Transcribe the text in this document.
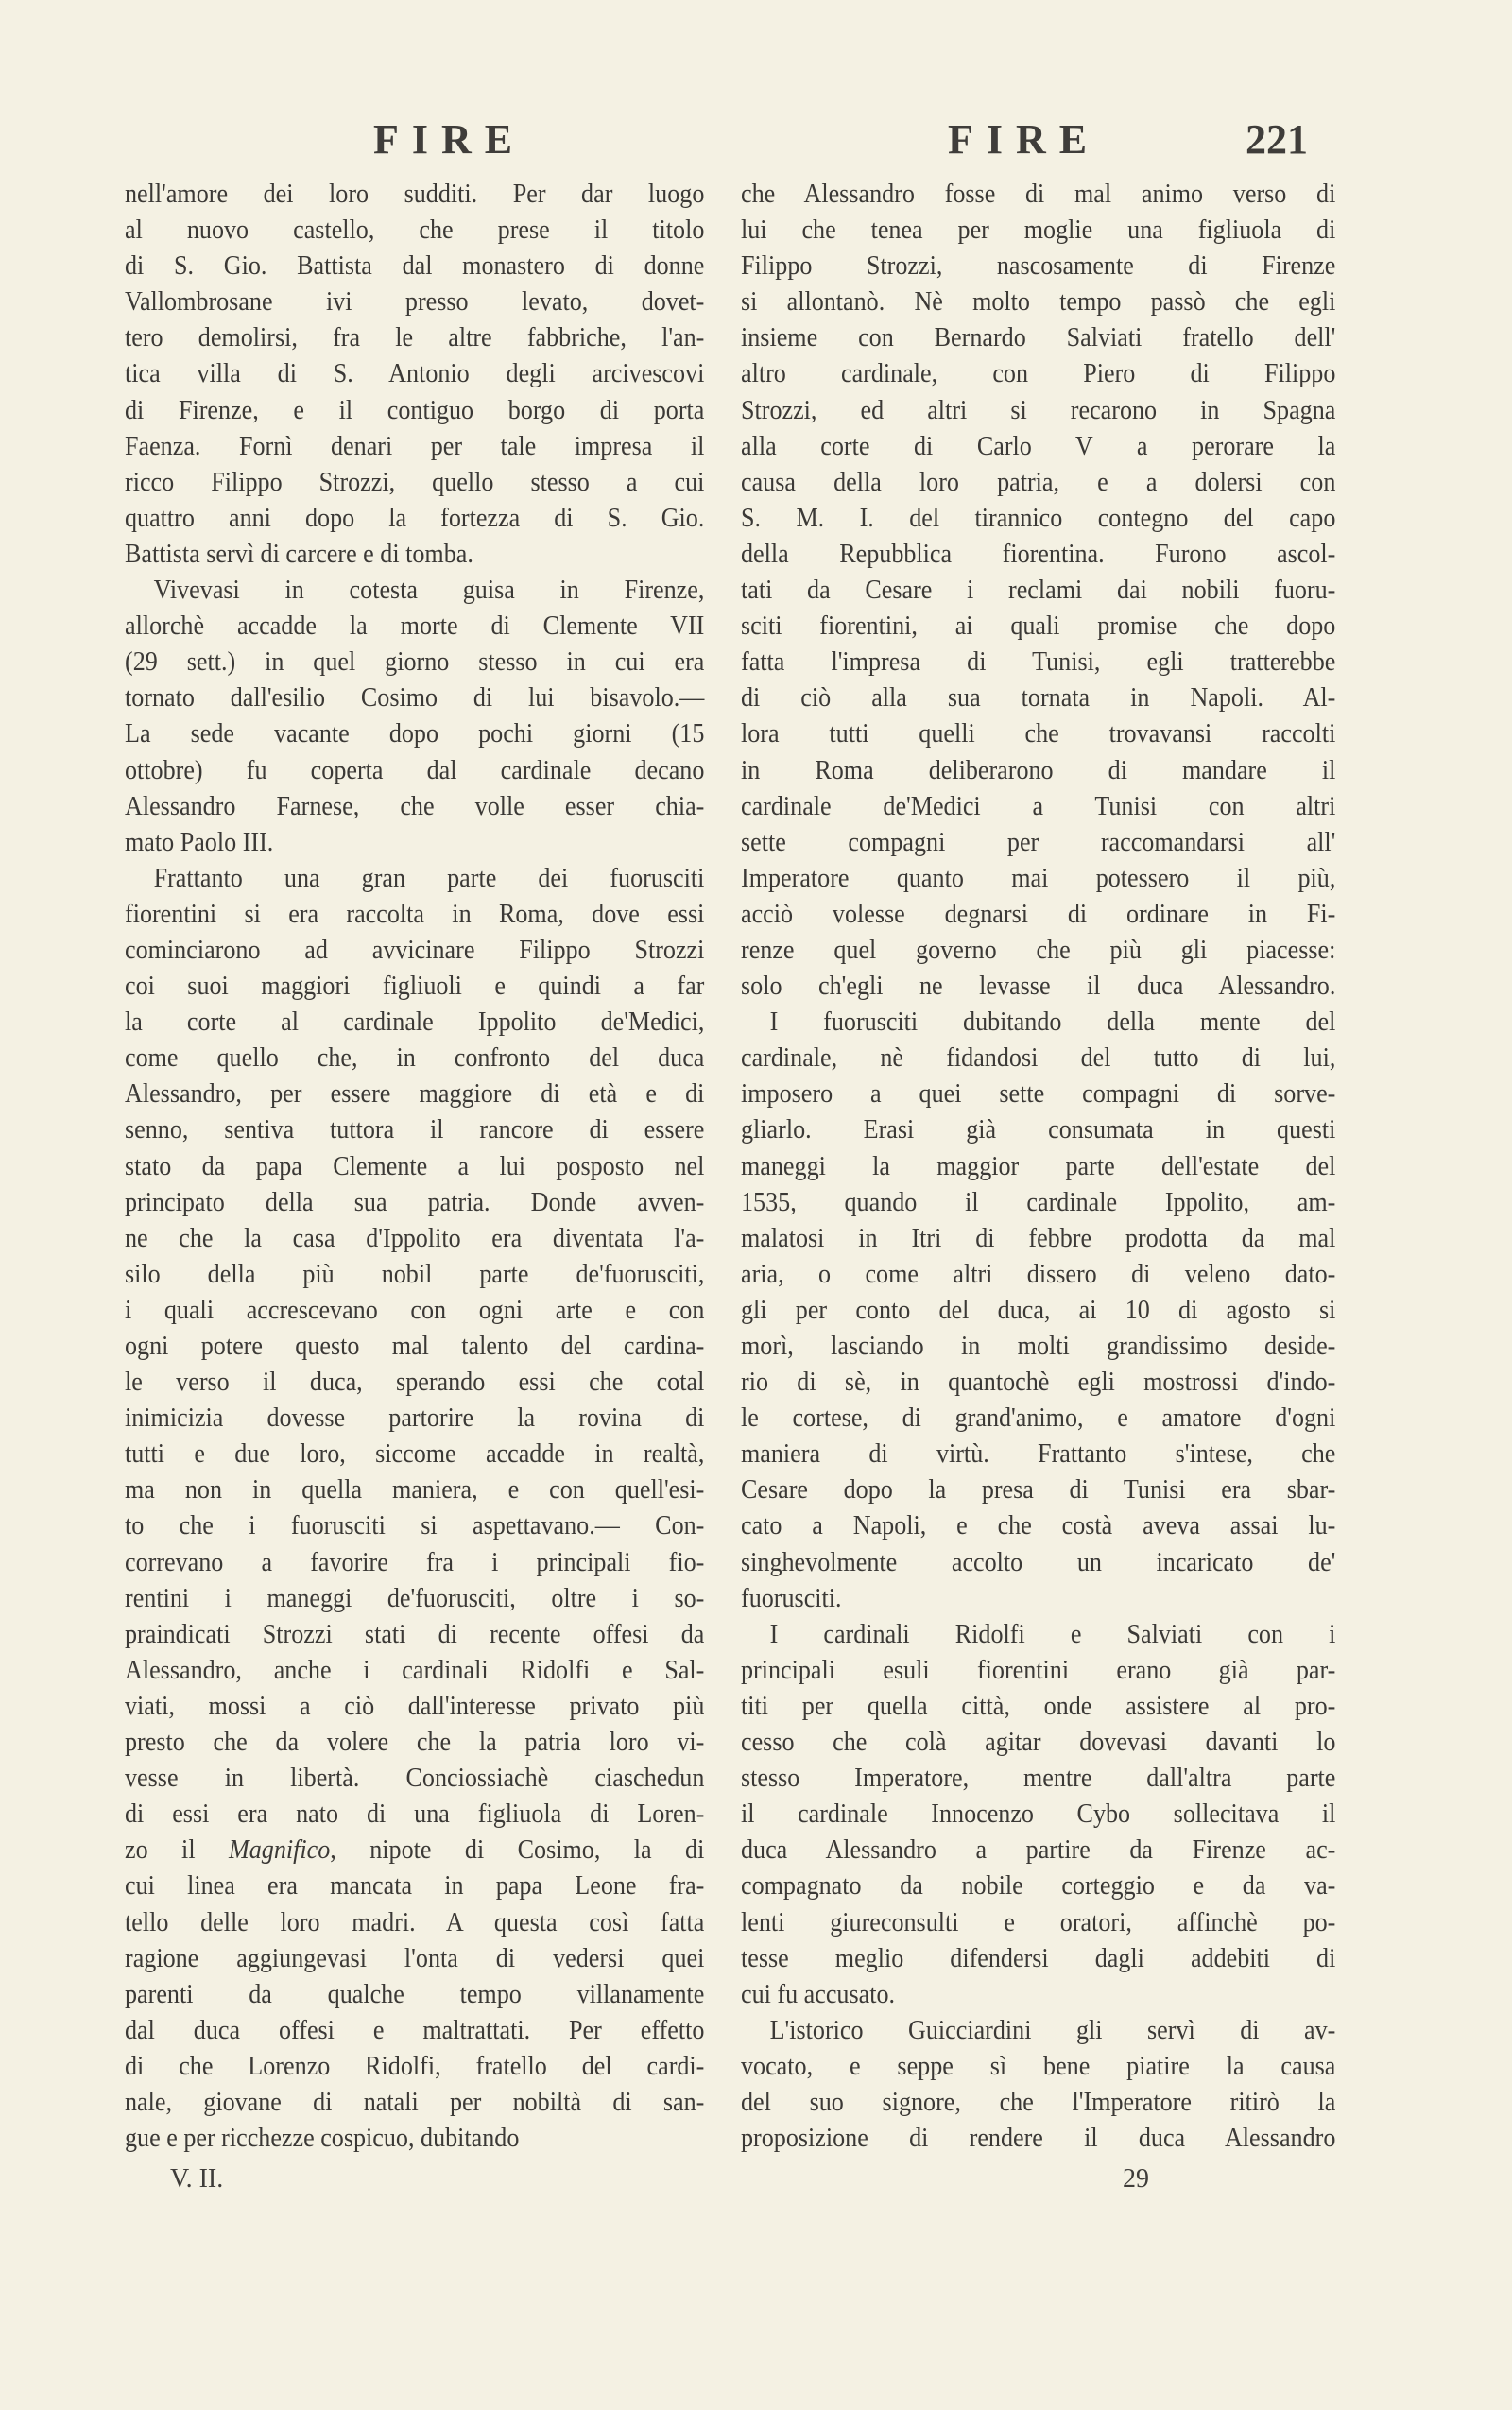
FIRE	FIRE	221
nell'amore dei loro sudditi. Per dar luogo
al nuovo castello, che prese il titolo
di S. Gio. Battista dal monastero di donne
Vallombrosane ivi presso levato, dovet-
tero demolirsi, fra le altre fabbriche, l'an-
tica villa di S. Antonio degli arcivescovi
di Firenze, e il contiguo borgo di porta
Faenza. Fornì denari per tale impresa il
ricco Filippo Strozzi, quello stesso a cui
quattro anni dopo la fortezza di S. Gio.
Battista servì di carcere e di tomba.
Vivevasi in cotesta guisa in Firenze,
allorchè accadde la morte di Clemente VII
(29 sett.) in quel giorno stesso in cui era
tornato dall'esilio Cosimo di lui bisavolo.—
La sede vacante dopo pochi giorni (15
ottobre) fu coperta dal cardinale decano
Alessandro Farnese, che volle esser chia-
mato Paolo III.
Frattanto una gran parte dei fuorusciti
fiorentini si era raccolta in Roma, dove essi
cominciarono ad avvicinare Filippo Strozzi
coi suoi maggiori figliuoli e quindi a far
la corte al cardinale Ippolito de'Medici,
come quello che, in confronto del duca
Alessandro, per essere maggiore di età e di
senno, sentiva tuttora il rancore di essere
stato da papa Clemente a lui posposto nel
principato della sua patria. Donde avven-
ne che la casa d'Ippolito era diventata l'a-
silo della più nobil parte de'fuorusciti,
i quali accrescevano con ogni arte e con
ogni potere questo mal talento del cardina-
le verso il duca, sperando essi che cotal
inimicizia dovesse partorire la rovina di
tutti e due loro, siccome accadde in realtà,
ma non in quella maniera, e con quell'esi-
to che i fuorusciti si aspettavano.— Con-
correvano a favorire fra i principali fio-
rentini i maneggi de'fuorusciti, oltre i so-
praindicati Strozzi stati di recente offesi da
Alessandro, anche i cardinali Ridolfi e Sal-
viati, mossi a ciò dall'interesse privato più
presto che da volere che la patria loro vi-
vesse in libertà. Conciossiachè ciaschedun
di essi era nato di una figliuola di Loren-
zo il Magnifico, nipote di Cosimo, la di
cui linea era mancata in papa Leone fra-
tello delle loro madri. A questa così fatta
ragione aggiungevasi l'onta di vedersi quei
parenti da qualche tempo villanamente
dal duca offesi e maltrattati. Per effetto
di che Lorenzo Ridolfi, fratello del cardi-
nale, giovane di natali per nobiltà di san-
gue e per ricchezze cospicuo, dubitando
che Alessandro fosse di mal animo verso di
lui che tenea per moglie una figliuola di
Filippo Strozzi, nascosamente di Firenze
si allontanò. Nè molto tempo passò che egli
insieme con Bernardo Salviati fratello dell'
altro cardinale, con Piero di Filippo
Strozzi, ed altri si recarono in Spagna
alla corte di Carlo V a perorare la
causa della loro patria, e a dolersi con
S. M. I. del tirannico contegno del capo
della Repubblica fiorentina. Furono ascol-
tati da Cesare i reclami dai nobili fuoru-
sciti fiorentini, ai quali promise che dopo
fatta l'impresa di Tunisi, egli tratterebbe
di ciò alla sua tornata in Napoli. Al-
lora tutti quelli che trovavansi raccolti
in Roma deliberarono di mandare il
cardinale de'Medici a Tunisi con altri
sette compagni per raccomandarsi all'
Imperatore quanto mai potessero il più,
acciò volesse degnarsi di ordinare in Fi-
renze quel governo che più gli piacesse:
solo ch'egli ne levasse il duca Alessandro.
I fuorusciti dubitando della mente del
cardinale, nè fidandosi del tutto di lui,
imposero a quei sette compagni di sorve-
gliarlo. Erasi già consumata in questi
maneggi la maggior parte dell'estate del
1535, quando il cardinale Ippolito, am-
malatosi in Itri di febbre prodotta da mal
aria, o come altri dissero di veleno dato-
gli per conto del duca, ai 10 di agosto si
morì, lasciando in molti grandissimo deside-
rio di sè, in quantochè egli mostrossi d'indo-
le cortese, di grand'animo, e amatore d'ogni
maniera di virtù. Frattanto s'intese, che
Cesare dopo la presa di Tunisi era sbar-
cato a Napoli, e che costà aveva assai lu-
singhevolmente accolto un incaricato de'
fuorusciti.
I cardinali Ridolfi e Salviati con i
principali esuli fiorentini erano già par-
titi per quella città, onde assistere al pro-
cesso che colà agitar dovevasi davanti lo
stesso Imperatore, mentre dall'altra parte
il cardinale Innocenzo Cybo sollecitava il
duca Alessandro a partire da Firenze ac-
compagnato da nobile corteggio e da va-
lenti giureconsulti e oratori, affinchè po-
tesse meglio difendersi dagli addebiti di
cui fu accusato.
L'istorico Guicciardini gli servì di av-
vocato, e seppe sì bene piatire la causa
del suo signore, che l'Imperatore ritirò la
proposizione di rendere il duca Alessandro
V. II.	29
